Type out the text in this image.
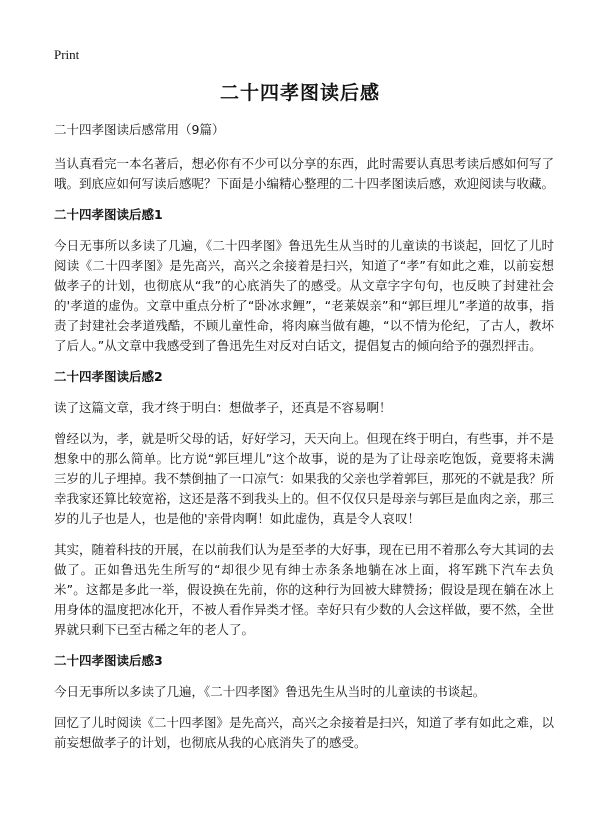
Print
二十四孝图读后感

二十四孝图读后感常用（9篇）

当认真看完一本名著后，想必你有不少可以分享的东西，此时需要认真思考读后感如何写了哦。到底应如何写读后感呢？下面是小编精心整理的二十四孝图读后感，欢迎阅读与收藏。

二十四孝图读后感1

今日无事所以多读了几遍，《二十四孝图》鲁迅先生从当时的儿童读的书谈起，回忆了儿时阅读《二十四孝图》是先高兴，高兴之余接着是扫兴，知道了“孝”有如此之难，以前妄想做孝子的计划，也彻底从“我”的心底消失了的感受。从文章字字句句，也反映了封建社会的'孝道的虚伪。文章中重点分析了“卧冰求鲤”，“老莱娱亲”和“郭巨埋儿”孝道的故事，指责了封建社会孝道残酷，不顾儿童性命，将肉麻当做有趣，“以不情为伦纪，了古人，教坏了后人。”从文章中我感受到了鲁迅先生对反对白话文，提倡复古的倾向给予的强烈抨击。

二十四孝图读后感2

读了这篇文章，我才终于明白：想做孝子，还真是不容易啊！

曾经以为，孝，就是听父母的话，好好学习，天天向上。但现在终于明白，有些事，并不是想象中的那么简单。比方说“郭巨埋儿”这个故事，说的是为了让母亲吃饱饭，竟要将未满三岁的儿子埋掉。我不禁倒抽了一口凉气：如果我的父亲也学着郭巨，那死的不就是我？所幸我家还算比较宽裕，这还是落不到我头上的。但不仅仅只是母亲与郭巨是血肉之亲，那三岁的儿子也是人，也是他的'亲骨肉啊！如此虚伪，真是令人哀叹！

其实，随着科技的开展，在以前我们认为是至孝的大好事，现在已用不着那么夸大其词的去做了。正如鲁迅先生所写的“却很少见有绅士赤条条地躺在冰上面，将军跳下汽车去负米”。这都是多此一举，假设换在先前，你的这种行为回被大肆赞扬；假设是现在躺在冰上用身体的温度把冰化开，不被人看作异类才怪。幸好只有少数的人会这样做，要不然，全世界就只剩下已至古稀之年的老人了。

二十四孝图读后感3

今日无事所以多读了几遍，《二十四孝图》鲁迅先生从当时的儿童读的书谈起。

回忆了儿时阅读《二十四孝图》是先高兴，高兴之余接着是扫兴，知道了孝有如此之难，以前妄想做孝子的计划，也彻底从我的心底消失了的感受。
